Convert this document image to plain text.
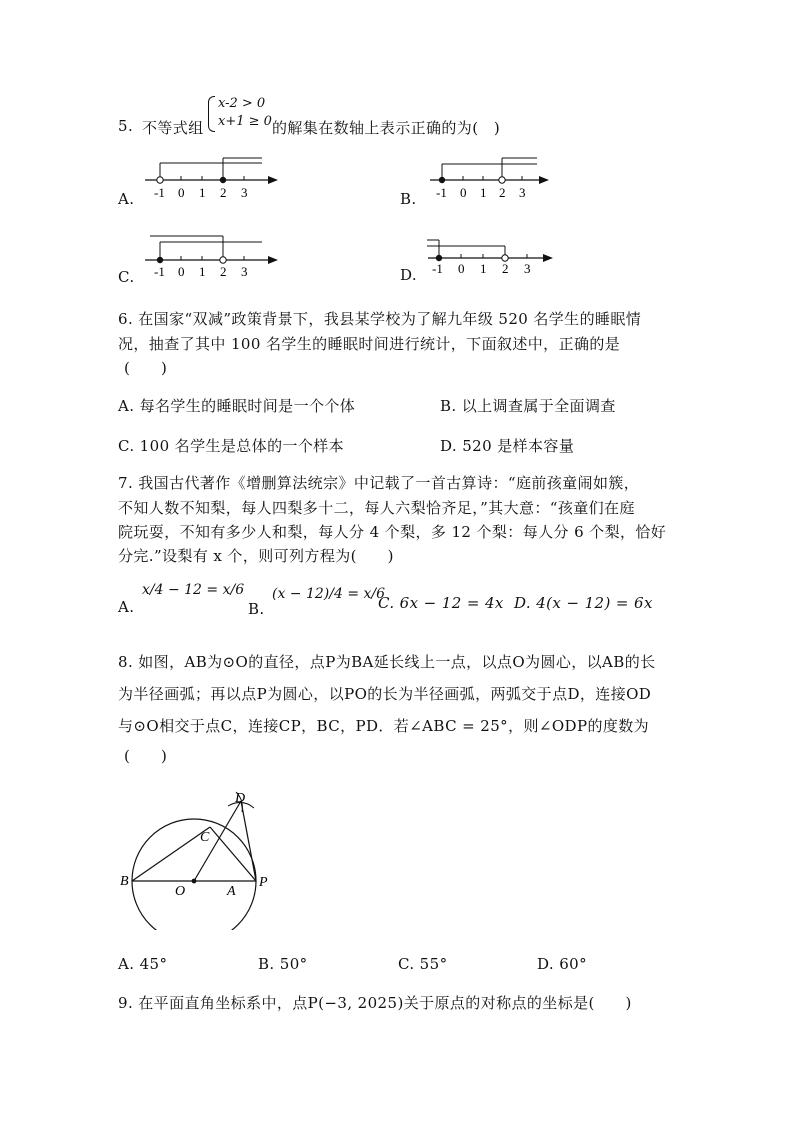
5. 不等式组
x-2 > 0
x+1 ≥ 0 的解集在数轴上表示正确的为(　)
A. -1 0 1 2 3	B. -1 0 1 2 3
C. -1 0 1 2 3	D. -1 0 1 2 3
6. 在国家“双减”政策背景下，我县某学校为了解九年级 520 名学生的睡眠情
况，抽查了其中 100 名学生的睡眠时间进行统计，下面叙述中，正确的是
(　　)
A. 每名学生的睡眠时间是一个个体	B. 以上调查属于全面调查
C. 100 名学生是总体的一个样本	D. 520 是样本容量
7. 我国古代著作《增删算法统宗》中记载了一首古算诗：“庭前孩童闹如簇，
不知人数不知梨，每人四梨多十二，每人六梨恰齐足，”其大意：“孩童们在庭
院玩耍，不知有多少人和梨，每人分 4 个梨，多 12 个梨：每人分 6 个梨，恰好
分完.”设梨有 x 个，则可列方程为(　　)
A.
x/4 − 12 = x/6
B.
(x − 12)/4 = x/6
C. 6x − 12 = 4x D. 4(x − 12) = 6x
8. 如图，AB为⊙O的直径，点P为BA延长线上一点，以点O为圆心，以AB的长
为半径画弧；再以点P为圆心，以PO的长为半径画弧，两弧交于点D，连接OD
与⊙O相交于点C，连接CP，BC，PD．若∠ABC = 25°，则∠ODP的度数为
(　　)
B
O	A
P
C
D
A. 45°	B. 50°	C. 55°	D. 60°
9. 在平面直角坐标系中，点P(−3, 2025)关于原点的对称点的坐标是(　　)
